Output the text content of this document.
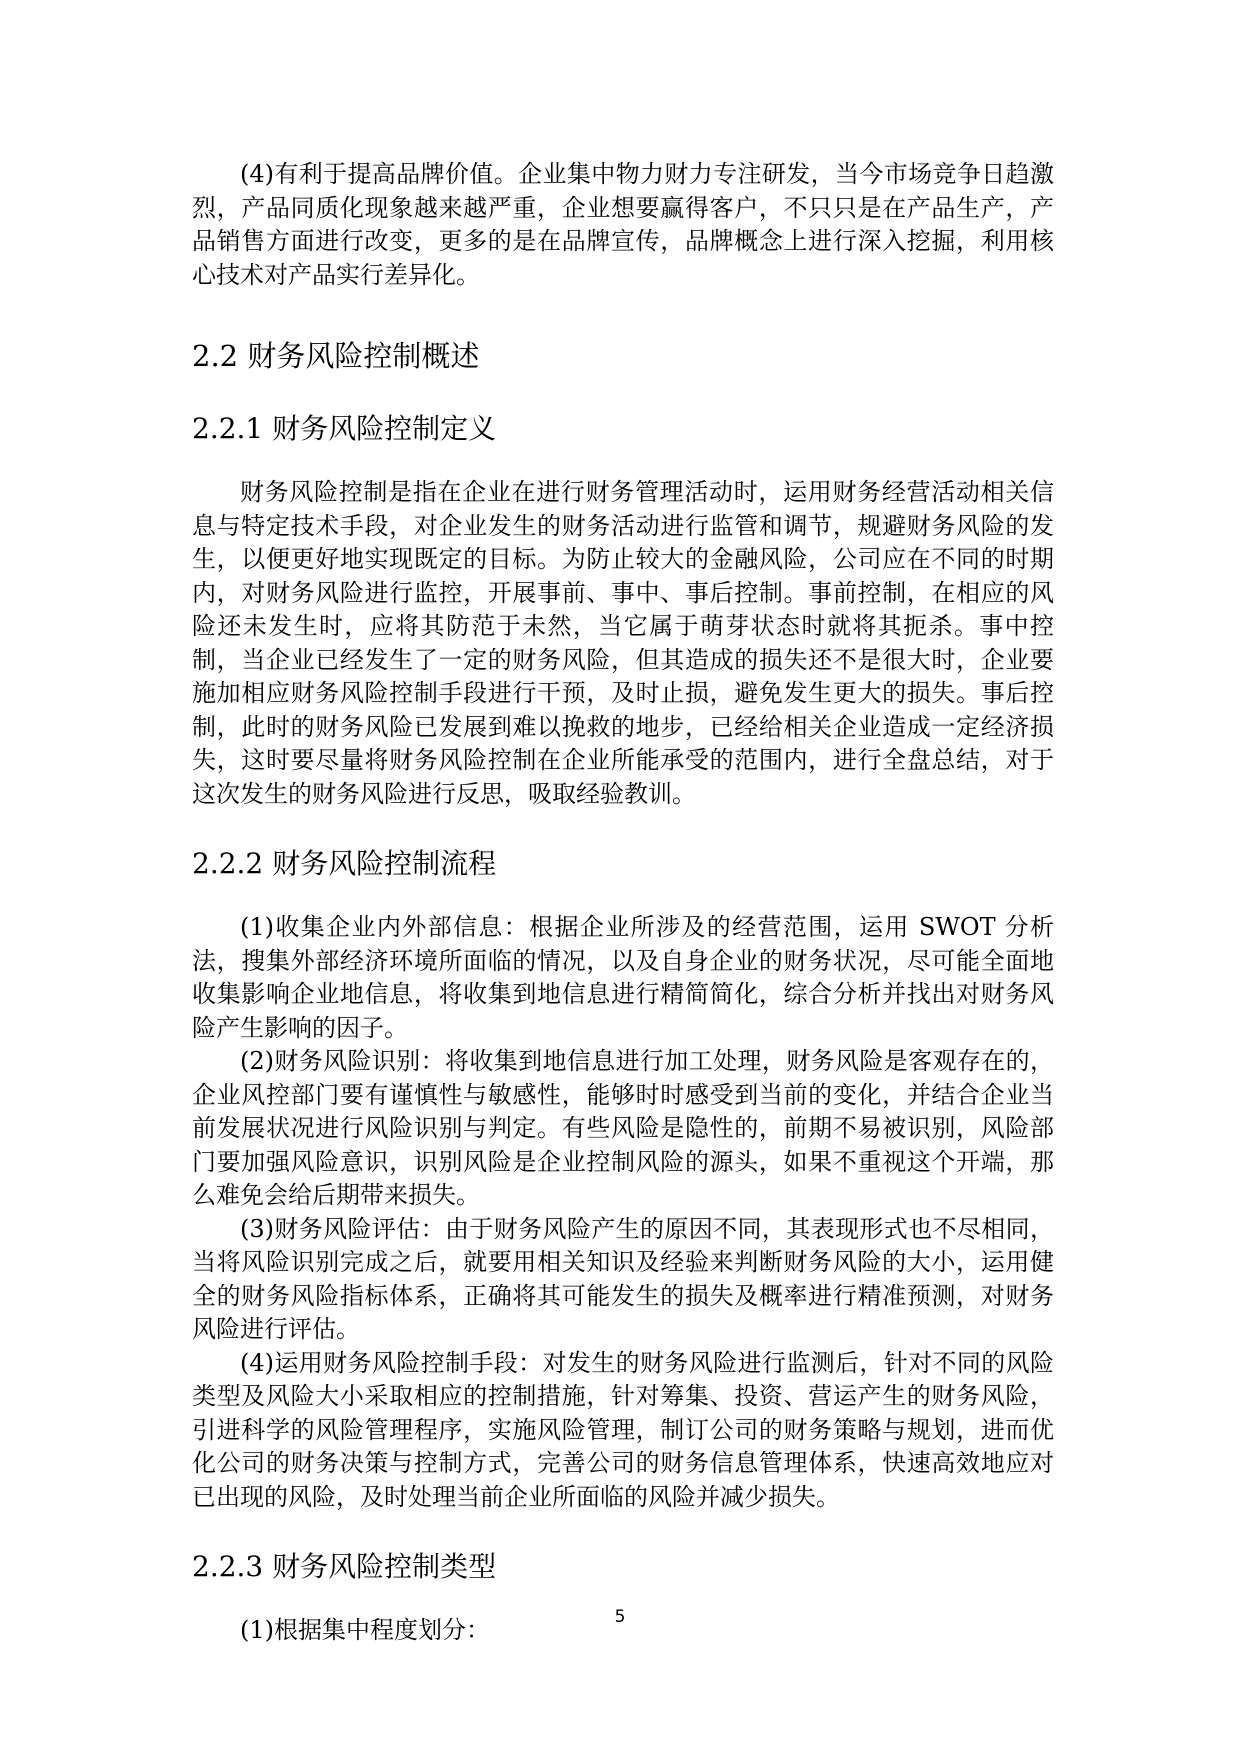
(4)有利于提高品牌价值。企业集中物力财力专注研发，当今市场竞争日趋激烈，产品同质化现象越来越严重，企业想要赢得客户，不只只是在产品生产，产品销售方面进行改变，更多的是在品牌宣传，品牌概念上进行深入挖掘，利用核心技术对产品实行差异化。

2.2 财务风险控制概述
2.2.1 财务风险控制定义

财务风险控制是指在企业在进行财务管理活动时，运用财务经营活动相关信息与特定技术手段，对企业发生的财务活动进行监管和调节，规避财务风险的发生，以便更好地实现既定的目标。为防止较大的金融风险，公司应在不同的时期内，对财务风险进行监控，开展事前、事中、事后控制。事前控制，在相应的风险还未发生时，应将其防范于未然，当它属于萌芽状态时就将其扼杀。事中控制，当企业已经发生了一定的财务风险，但其造成的损失还不是很大时，企业要施加相应财务风险控制手段进行干预，及时止损，避免发生更大的损失。事后控制，此时的财务风险已发展到难以挽救的地步，已经给相关企业造成一定经济损失，这时要尽量将财务风险控制在企业所能承受的范围内，进行全盘总结，对于这次发生的财务风险进行反思，吸取经验教训。

2.2.2 财务风险控制流程

(1)收集企业内外部信息：根据企业所涉及的经营范围，运用 SWOT 分析法，搜集外部经济环境所面临的情况，以及自身企业的财务状况，尽可能全面地收集影响企业地信息，将收集到地信息进行精简简化，综合分析并找出对财务风险产生影响的因子。

(2)财务风险识别：将收集到地信息进行加工处理，财务风险是客观存在的，企业风控部门要有谨慎性与敏感性，能够时时感受到当前的变化，并结合企业当前发展状况进行风险识别与判定。有些风险是隐性的，前期不易被识别，风险部门要加强风险意识，识别风险是企业控制风险的源头，如果不重视这个开端，那么难免会给后期带来损失。

(3)财务风险评估：由于财务风险产生的原因不同，其表现形式也不尽相同，当将风险识别完成之后，就要用相关知识及经验来判断财务风险的大小，运用健全的财务风险指标体系，正确将其可能发生的损失及概率进行精准预测，对财务风险进行评估。

(4)运用财务风险控制手段：对发生的财务风险进行监测后，针对不同的风险类型及风险大小采取相应的控制措施，针对筹集、投资、营运产生的财务风险，引进科学的风险管理程序，实施风险管理，制订公司的财务策略与规划，进而优化公司的财务决策与控制方式，完善公司的财务信息管理体系，快速高效地应对已出现的风险，及时处理当前企业所面临的风险并减少损失。

2.2.3 财务风险控制类型

(1)根据集中程度划分：	5
